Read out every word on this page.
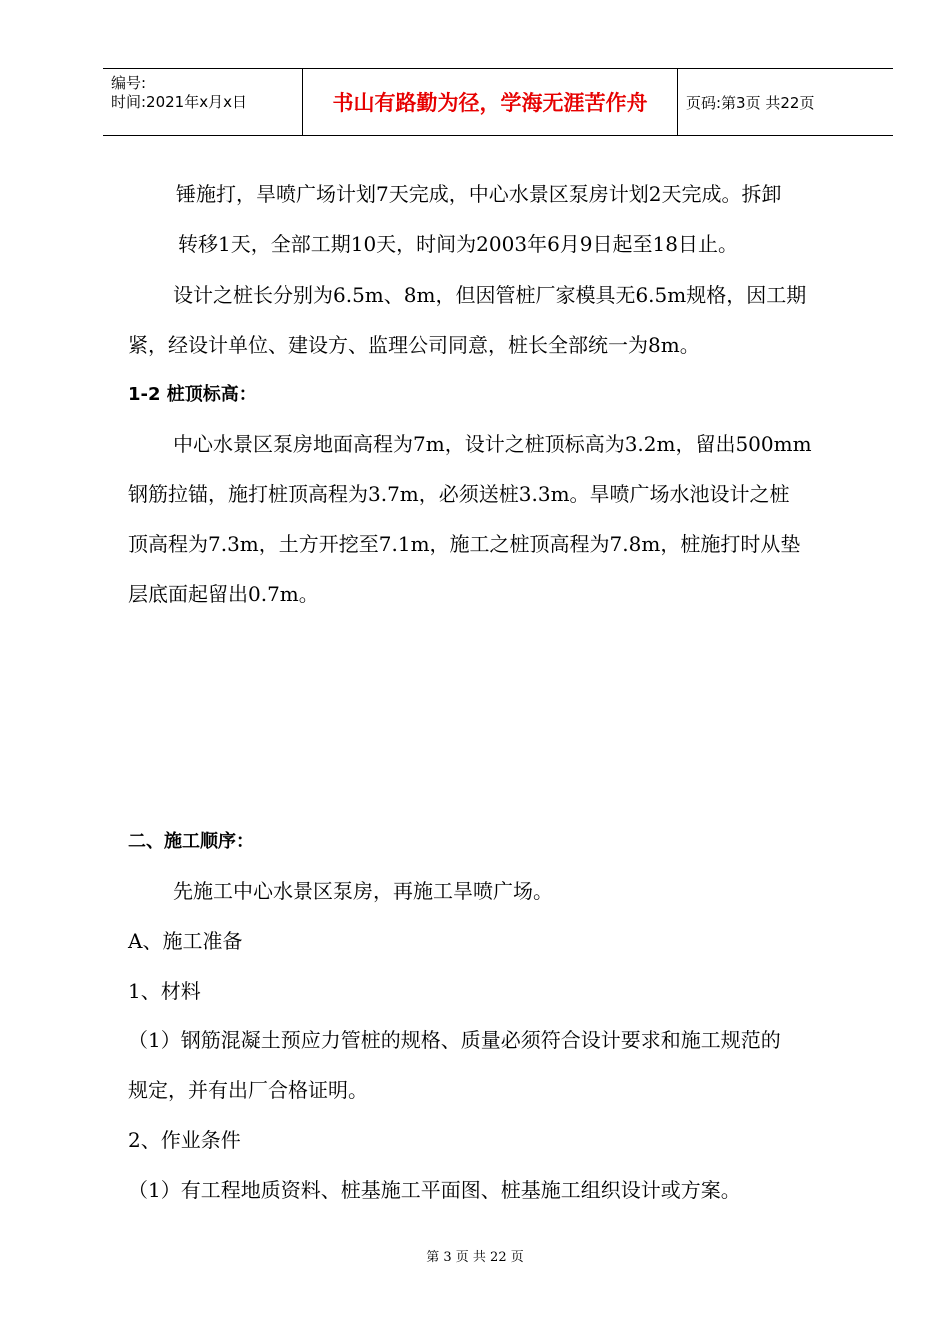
编号:
时间:2021年x月x日	书山有路勤为径，学海无涯苦作舟	页码:第3页 共22页
锤施打，旱喷广场计划7天完成，中心水景区泵房计划2天完成。拆卸
转移1天，全部工期10天，时间为2003年6月9日起至18日止。
设计之桩长分别为6.5m、8m，但因管桩厂家模具无6.5m规格，因工期
紧，经设计单位、建设方、监理公司同意，桩长全部统一为8m。
1-2 桩顶标高：
中心水景区泵房地面高程为7m，设计之桩顶标高为3.2m，留出500mm
钢筋拉锚，施打桩顶高程为3.7m，必须送桩3.3m。旱喷广场水池设计之桩
顶高程为7.3m，土方开挖至7.1m，施工之桩顶高程为7.8m，桩施打时从垫
层底面起留出0.7m。
二、施工顺序：
先施工中心水景区泵房，再施工旱喷广场。
A、施工准备
1、材料
（1）钢筋混凝土预应力管桩的规格、质量必须符合设计要求和施工规范的
规定，并有出厂合格证明。
2、作业条件
（1）有工程地质资料、桩基施工平面图、桩基施工组织设计或方案。
第 3 页 共 22 页
